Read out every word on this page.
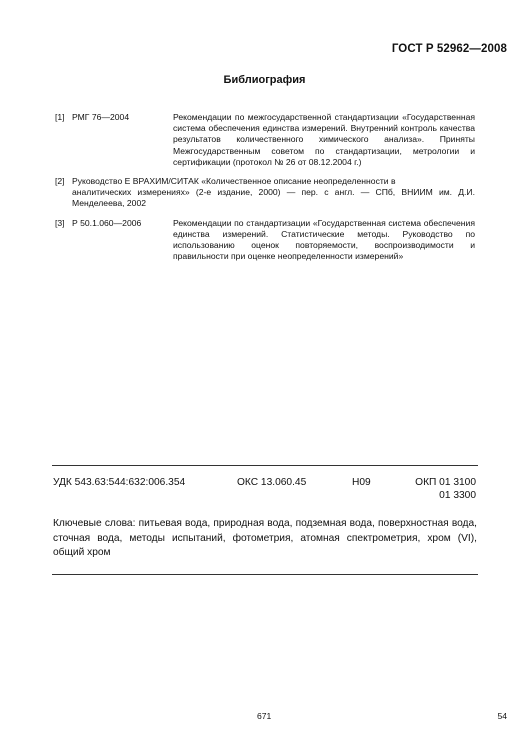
ГОСТ Р 52962—2008
Библиография
[1] РМГ 76—2004	Рекомендации по межгосударственной стандартизации «Государственная система обеспечения единства измерений. Внутренний контроль качества результатов количественного химического анализа». Приняты Межгосударственным советом по стандартизации, метрологии и сертификации (протокол № 26 от 08.12.2004 г.)
[2] Руководство Е ВРАХИМ/СИТАК «Количественное описание неопределенности в
аналитических измерениях» (2-е издание, 2000) — пер. с англ. — СПб, ВНИИМ им. Д.И. Менделеева, 2002
[3] Р 50.1.060—2006	Рекомендации по стандартизации «Государственная система обеспечения единства измерений. Статистические методы. Руководство по использованию оценок повторяемости, воспроизводимости и правильности при оценке неопределенности измерений»
УДК 543.63:544:632:006.354	ОКС 13.060.45	Н09	ОКП 01 3100
01 3300
Ключевые слова: питьевая вода, природная вода, подземная вода, поверхностная вода, сточная вода, методы испытаний, фотометрия, атомная спектрометрия, хром (VI), общий хром
671	54
